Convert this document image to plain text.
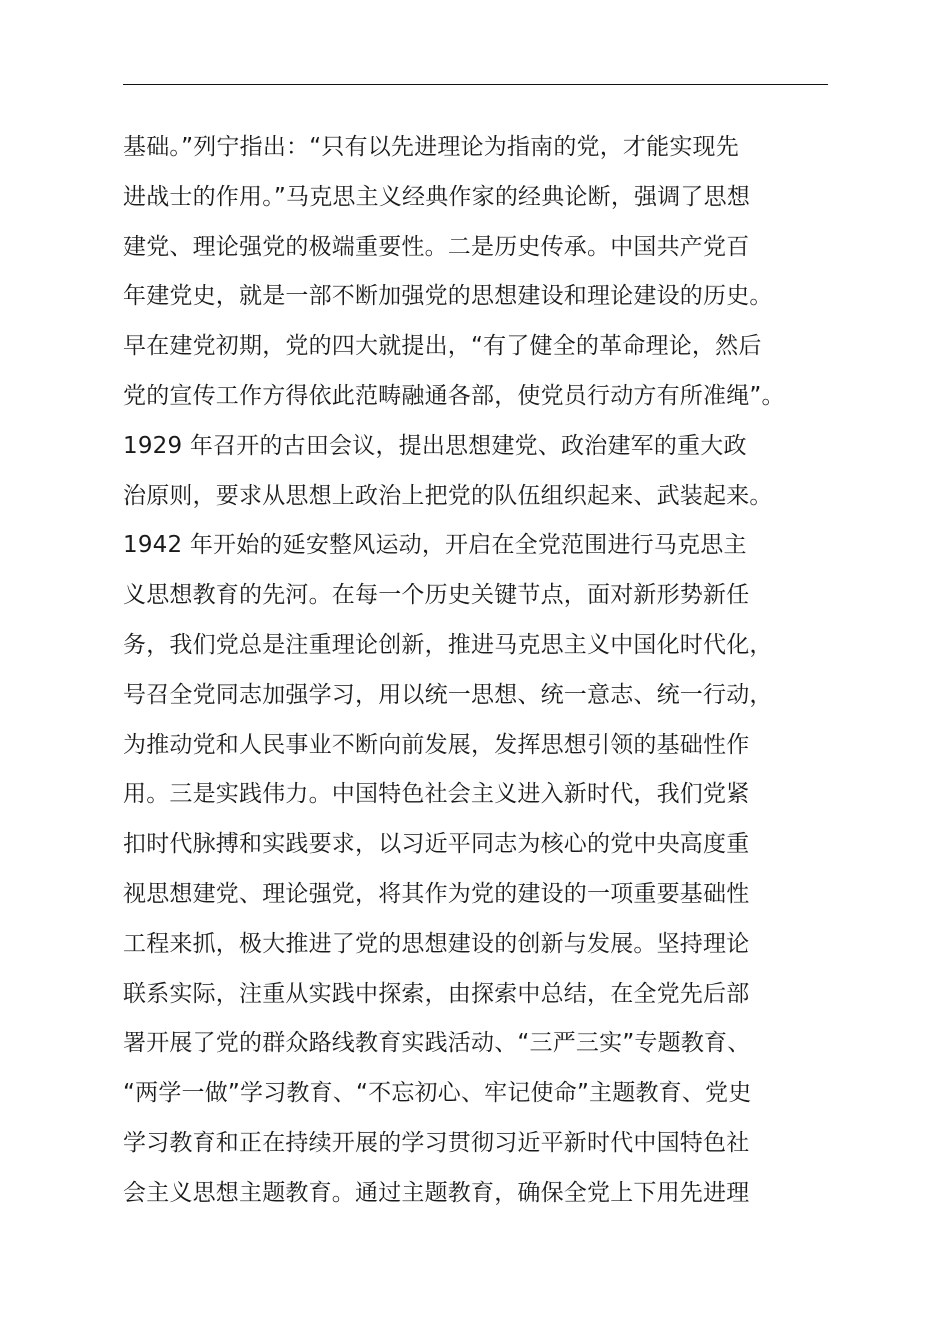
基础。”列宁指出：“只有以先进理论为指南的党，才能实现先
进战士的作用。”马克思主义经典作家的经典论断，强调了思想
建党、理论强党的极端重要性。二是历史传承。中国共产党百
年建党史，就是一部不断加强党的思想建设和理论建设的历史。
早在建党初期，党的四大就提出，“有了健全的革命理论，然后
党的宣传工作方得依此范畴融通各部，使党员行动方有所准绳”。
1929 年召开的古田会议，提出思想建党、政治建军的重大政
治原则，要求从思想上政治上把党的队伍组织起来、武装起来。
1942 年开始的延安整风运动，开启在全党范围进行马克思主
义思想教育的先河。在每一个历史关键节点，面对新形势新任
务，我们党总是注重理论创新，推进马克思主义中国化时代化，
号召全党同志加强学习，用以统一思想、统一意志、统一行动，
为推动党和人民事业不断向前发展，发挥思想引领的基础性作
用。三是实践伟力。中国特色社会主义进入新时代，我们党紧
扣时代脉搏和实践要求，以习近平同志为核心的党中央高度重
视思想建党、理论强党，将其作为党的建设的一项重要基础性
工程来抓，极大推进了党的思想建设的创新与发展。坚持理论
联系实际，注重从实践中探索，由探索中总结，在全党先后部
署开展了党的群众路线教育实践活动、“三严三实”专题教育、
“两学一做”学习教育、“不忘初心、牢记使命”主题教育、党史
学习教育和正在持续开展的学习贯彻习近平新时代中国特色社
会主义思想主题教育。通过主题教育，确保全党上下用先进理
